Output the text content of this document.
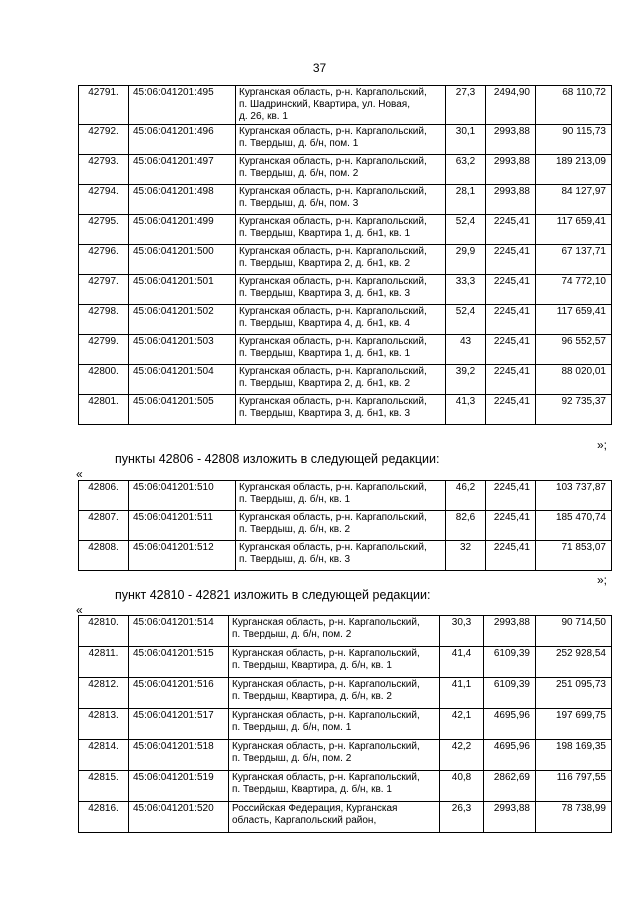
37
42791.	45:06:041201:495	Курганская область, р-н. Каргапольский,
п. Шадринский, Квартира, ул. Новая,
д. 26, кв. 1	27,3	2494,90	68 110,72
42792.	45:06:041201:496	Курганская область, р-н. Каргапольский,
п. Твердыш, д. б/н, пом. 1	30,1	2993,88	90 115,73
42793.	45:06:041201:497	Курганская область, р-н. Каргапольский,
п. Твердыш, д. б/н, пом. 2	63,2	2993,88	189 213,09
42794.	45:06:041201:498	Курганская область, р-н. Каргапольский,
п. Твердыш, д. б/н, пом. 3	28,1	2993,88	84 127,97
42795.	45:06:041201:499	Курганская область, р-н. Каргапольский,
п. Твердыш, Квартира 1, д. бн1, кв. 1	52,4	2245,41	117 659,41
42796.	45:06:041201:500	Курганская область, р-н. Каргапольский,
п. Твердыш, Квартира 2, д. бн1, кв. 2	29,9	2245,41	67 137,71
42797.	45:06:041201:501	Курганская область, р-н. Каргапольский,
п. Твердыш, Квартира 3, д. бн1, кв. 3	33,3	2245,41	74 772,10
42798.	45:06:041201:502	Курганская область, р-н. Каргапольский,
п. Твердыш, Квартира 4, д. бн1, кв. 4	52,4	2245,41	117 659,41
42799.	45:06:041201:503	Курганская область, р-н. Каргапольский,
п. Твердыш, Квартира 1, д. бн1, кв. 1	43	2245,41	96 552,57
42800.	45:06:041201:504	Курганская область, р-н. Каргапольский,
п. Твердыш, Квартира 2, д. бн1, кв. 2	39,2	2245,41	88 020,01
42801.	45:06:041201:505	Курганская область, р-н. Каргапольский,
п. Твердыш, Квартира 3, д. бн1, кв. 3	41,3	2245,41	92 735,37
»;
пункты 42806 - 42808 изложить в следующей редакции:
«
42806.	45:06:041201:510	Курганская область, р-н. Каргапольский,
п. Твердыш, д. б/н, кв. 1	46,2	2245,41	103 737,87
42807.	45:06:041201:511	Курганская область, р-н. Каргапольский,
п. Твердыш, д. б/н, кв. 2	82,6	2245,41	185 470,74
42808.	45:06:041201:512	Курганская область, р-н. Каргапольский,
п. Твердыш, д. б/н, кв. 3	32	2245,41	71 853,07
»;
пункт 42810 - 42821 изложить в следующей редакции:
«
42810.	45:06:041201:514	Курганская область, р-н. Каргапольский,
п. Твердыш, д. б/н, пом. 2	30,3	2993,88	90 714,50
42811.	45:06:041201:515	Курганская область, р-н. Каргапольский,
п. Твердыш, Квартира, д. б/н, кв. 1	41,4	6109,39	252 928,54
42812.	45:06:041201:516	Курганская область, р-н. Каргапольский,
п. Твердыш, Квартира, д. б/н, кв. 2	41,1	6109,39	251 095,73
42813.	45:06:041201:517	Курганская область, р-н. Каргапольский,
п. Твердыш, д. б/н, пом. 1	42,1	4695,96	197 699,75
42814.	45:06:041201:518	Курганская область, р-н. Каргапольский,
п. Твердыш, д. б/н, пом. 2	42,2	4695,96	198 169,35
42815.	45:06:041201:519	Курганская область, р-н. Каргапольский,
п. Твердыш, Квартира, д. б/н, кв. 1	40,8	2862,69	116 797,55
42816.	45:06:041201:520	Российская Федерация, Курганская
область, Каргапольский район,	26,3	2993,88	78 738,99
